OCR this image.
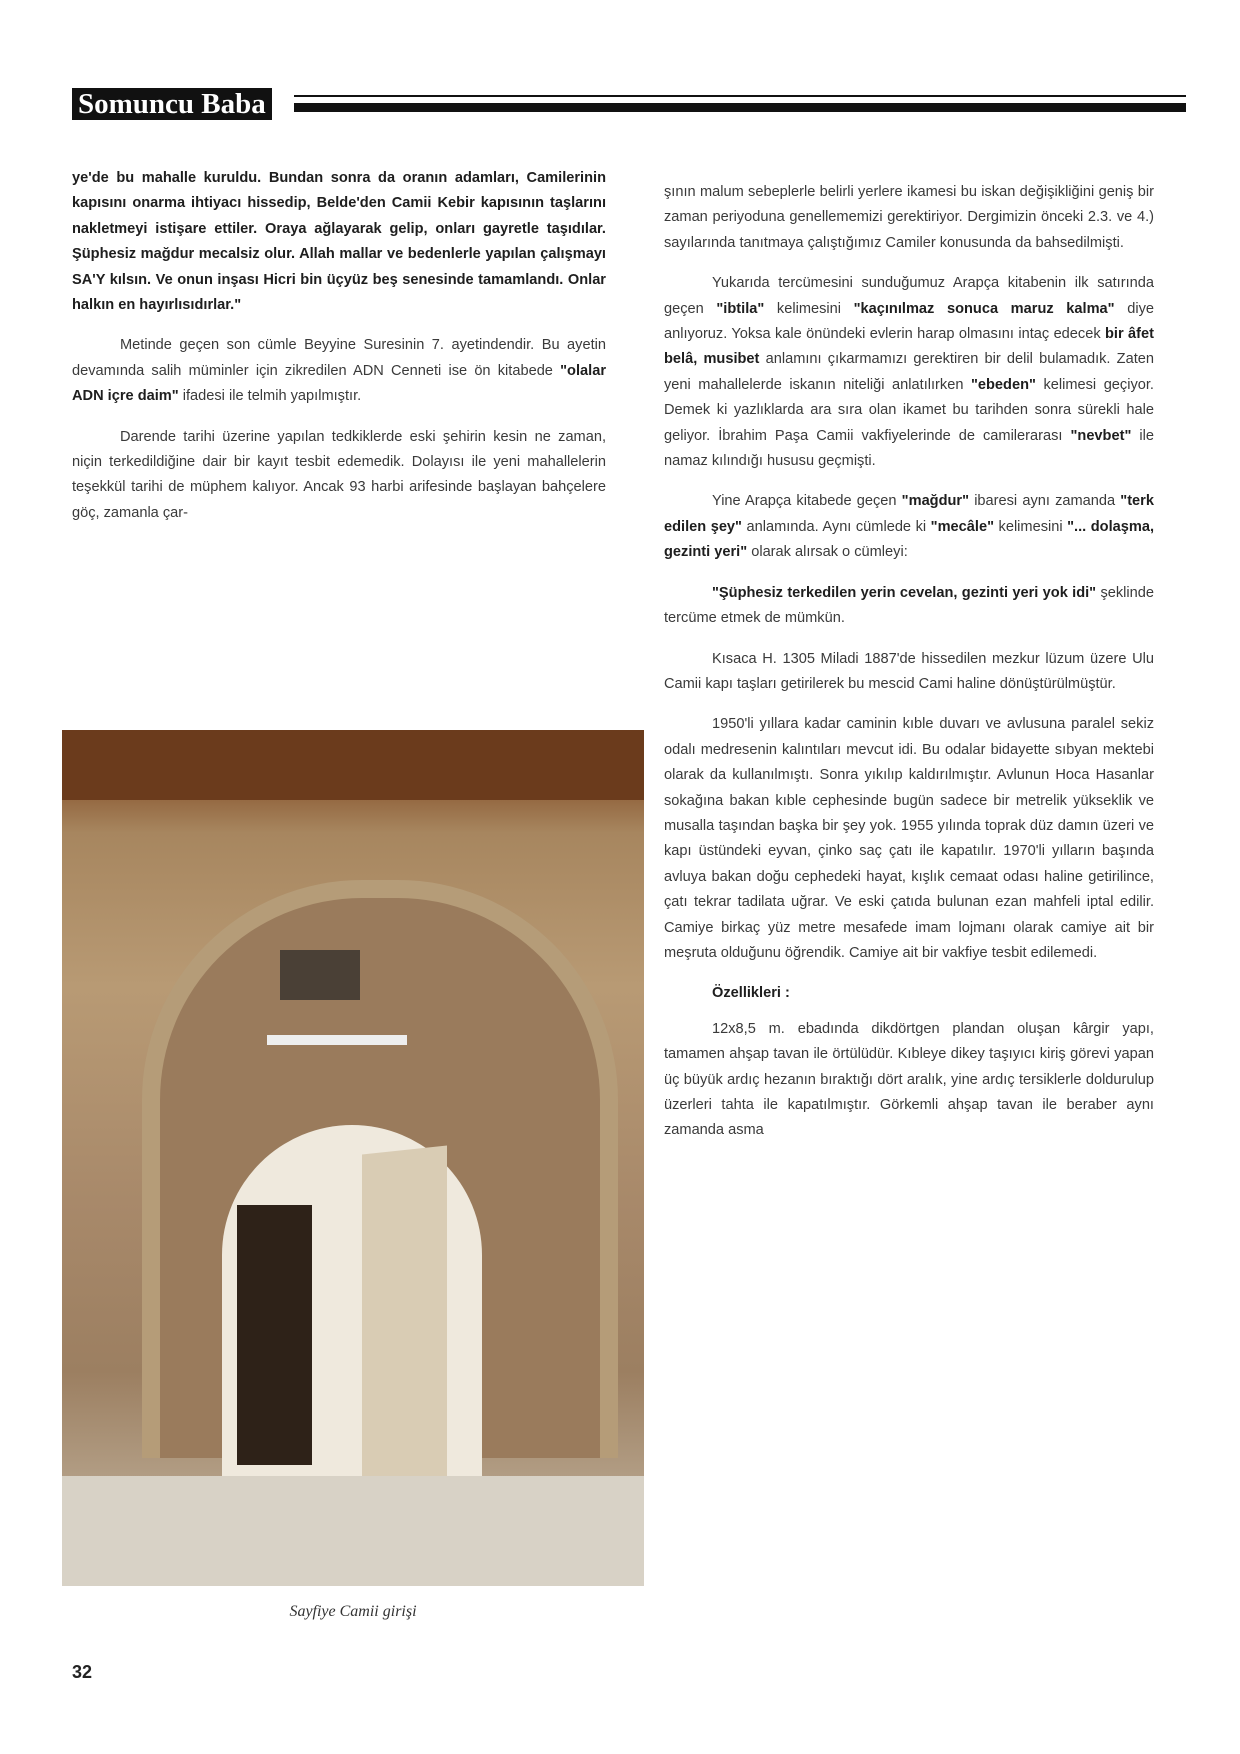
Somuncu Baba

ye'de bu mahalle kuruldu. Bundan sonra da oranın adamları, Camilerinin kapısını onarma ihtiyacı hissedip, Belde'den Camii Kebir kapısının taşlarını nakletmeyi istişare ettiler. Oraya ağlayarak gelip, onları gayretle taşıdılar. Şüphesiz mağdur mecalsiz olur. Allah mallar ve bedenlerle yapılan çalışmayı SA'Y kılsın. Ve onun inşası Hicri bin üçyüz beş senesinde tamamlandı. Onlar halkın en hayırlısıdırlar."

Metinde geçen son cümle Beyyine Suresinin 7. ayetindendir. Bu ayetin devamında salih müminler için zikredilen ADN Cenneti ise ön kitabede "olalar ADN içre daim" ifadesi ile telmih yapılmıştır.

Darende tarihi üzerine yapılan tedkiklerde eski şehirin kesin ne zaman, niçin terkedildiğine dair bir kayıt tesbit edemedik. Dolayısı ile yeni mahallelerin teşekkül tarihi de müphem kalıyor. Ancak 93 harbi arifesinde başlayan bahçelere göç, zamanla çar-

Sayfiye Camii girişi

şının malum sebeplerle belirli yerlere ikamesi bu iskan değişikliğini geniş bir zaman periyoduna genellememizi gerektiriyor. Dergimizin önceki 2.3. ve 4.) sayılarında tanıtmaya çalıştığımız Camiler konusunda da bahsedilmişti.

Yukarıda tercümesini sunduğumuz Arapça kitabenin ilk satırında geçen "ibtila" kelimesini "kaçınılmaz sonuca maruz kalma" diye anlıyoruz. Yoksa kale önündeki evlerin harap olmasını intaç edecek bir âfet belâ, musibet anlamını çıkarmamızı gerektiren bir delil bulamadık. Zaten yeni mahallelerde iskanın niteliği anlatılırken "ebeden" kelimesi geçiyor. Demek ki yazlıklarda ara sıra olan ikamet bu tarihden sonra sürekli hale geliyor. İbrahim Paşa Camii vakfiyelerinde de camilerarası "nevbet" ile namaz kılındığı hususu geçmişti.

Yine Arapça kitabede geçen "mağdur" ibaresi aynı zamanda "terk edilen şey" anlamında. Aynı cümlede ki "mecâle" kelimesini "... dolaşma, gezinti yeri" olarak alırsak o cümleyi:

"Şüphesiz terkedilen yerin cevelan, gezinti yeri yok idi" şeklinde tercüme etmek de mümkün.

Kısaca H. 1305 Miladi 1887'de hissedilen mezkur lüzum üzere Ulu Camii kapı taşları getirilerek bu mescid Cami haline dönüştürülmüştür.

1950'li yıllara kadar caminin kıble duvarı ve avlusuna paralel sekiz odalı medresenin kalıntıları mevcut idi. Bu odalar bidayette sıbyan mektebi olarak da kullanılmıştı. Sonra yıkılıp kaldırılmıştır. Avlunun Hoca Hasanlar sokağına bakan kıble cephesinde bugün sadece bir metrelik yükseklik ve musalla taşından başka bir şey yok. 1955 yılında toprak düz damın üzeri ve kapı üstündeki eyvan, çinko saç çatı ile kapatılır. 1970'li yılların başında avluya bakan doğu cephedeki hayat, kışlık cemaat odası haline getirilince, çatı tekrar tadilata uğrar. Ve eski çatıda bulunan ezan mahfeli iptal edilir. Camiye birkaç yüz metre mesafede imam lojmanı olarak camiye ait bir meşruta olduğunu öğrendik. Camiye ait bir vakfiye tesbit edilemedi.

Özellikleri :

12x8,5 m. ebadında dikdörtgen plandan oluşan kârgir yapı, tamamen ahşap tavan ile örtülüdür. Kıbleye dikey taşıyıcı kiriş görevi yapan üç büyük ardıç hezanın bıraktığı dört aralık, yine ardıç tersiklerle doldurulup üzerleri tahta ile kapatılmıştır. Görkemli ahşap tavan ile beraber aynı zamanda asma

32
